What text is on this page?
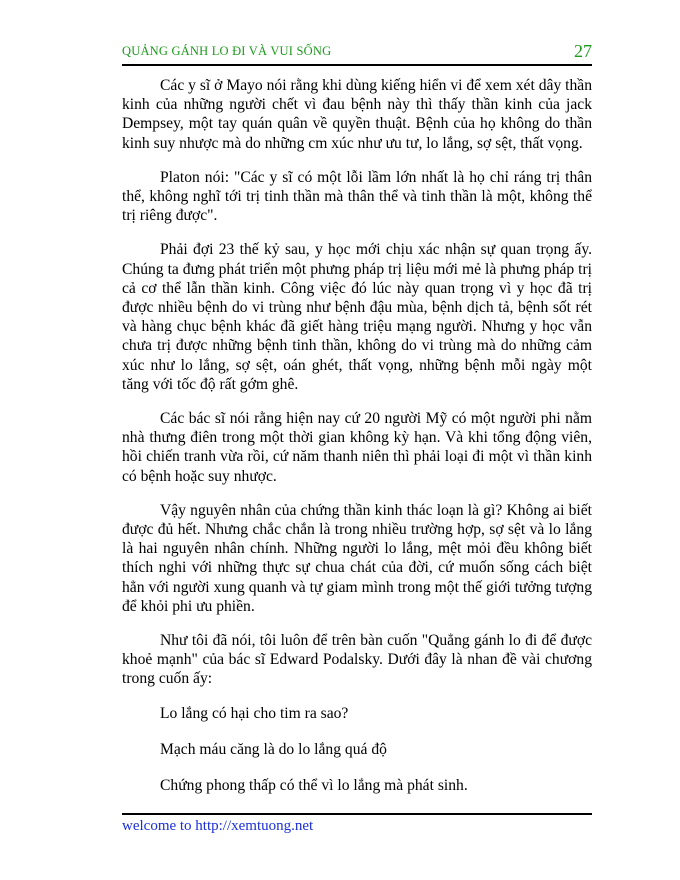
QUẢNG GÁNH LO ĐI VÀ VUI SỐNG	27

Các y sĩ ở Mayo nói rằng khi dùng kiếng hiển vi để xem xét dây thần kinh của những người chết vì đau bệnh này thì thấy thần kinh của jack Dempsey, một tay quán quân về quyền thuật. Bệnh của họ không do thần kinh suy nhược mà do những cm xúc như ưu tư, lo lắng, sợ sệt, thất vọng.

Platon nói: "Các y sĩ có một lỗi lầm lớn nhất là họ chỉ ráng trị thân thể, không nghĩ tới trị tinh thần mà thân thể và tinh thần là một, không thể trị riêng được".

Phải đợi 23 thế kỷ sau, y học mới chịu xác nhận sự quan trọng ấy. Chúng ta đưng phát triển một phưng pháp trị liệu mới mẻ là phưng pháp trị cả cơ thể lẫn thần kinh. Công việc đó lúc này quan trọng vì y học đã trị được nhiều bệnh do vi trùng như bệnh đậu mùa, bệnh dịch tả, bệnh sốt rét và hàng chục bệnh khác đã giết hàng triệu mạng người. Nhưng y học vẫn chưa trị được những bệnh tinh thần, không do vi trùng mà do những cảm xúc như lo lắng, sợ sệt, oán ghét, thất vọng, những bệnh mỗi ngày một tăng với tốc độ rất gớm ghê.

Các bác sĩ nói rằng hiện nay cứ 20 người Mỹ có một người phi nằm nhà thưng điên trong một thời gian không kỳ hạn. Và khi tổng động viên, hồi chiến tranh vừa rồi, cứ năm thanh niên thì phải loại đi một vì thần kinh có bệnh hoặc suy nhược.

Vậy nguyên nhân của chứng thần kinh thác loạn là gì? Không ai biết được đủ hết. Nhưng chắc chắn là trong nhiều trường hợp, sợ sệt và lo lắng là hai nguyên nhân chính. Những người lo lắng, mệt mỏi đều không biết thích nghi với những thực sự chua chát của đời, cứ muốn sống cách biệt hẳn với người xung quanh và tự giam mình trong một thế giới tưởng tượng để khỏi phi ưu phiền.

Như tôi đã nói, tôi luôn để trên bàn cuốn "Quẳng gánh lo đi để được khoẻ mạnh" của bác sĩ Edward Podalsky. Dưới đây là nhan đề vài chương trong cuốn ấy:

Lo lắng có hại cho tim ra sao?

Mạch máu căng là do lo lắng quá độ

Chứng phong thấp có thể vì lo lắng mà phát sinh.

welcome to http://xemtuong.net
